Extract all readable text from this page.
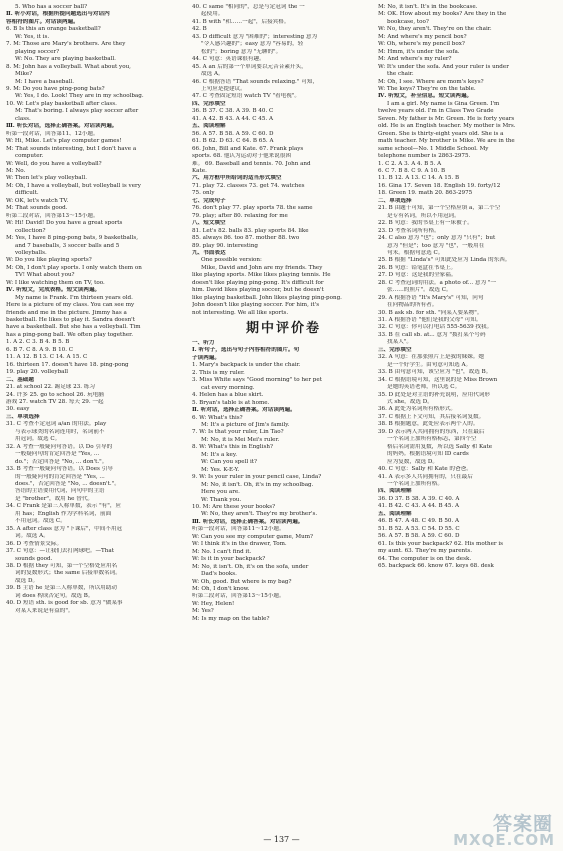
5. Who has a soccer ball?
Ⅱ. 听小对话，根据所提问题选出与对话内
容相符的图片。对话读两遍。
6. B Is this an orange basketball?
W: Yes, it is.
7. M: Those are Mary's brothers. Are they
playing soccer?
W: No. They are playing basketball.
8. M: John has a volleyball. What about you,
Mike?
M: I have a baseball.
9. M: Do you have ping-pong bats?
W: Yes, I do. Look! They are in my schoolbag.
10. W: Let's play basketball after class.
M: That's boring. I always play soccer after
class.
Ⅲ. 听长对话，选择正确答案。对话读两遍。
听第一段对话，回答第11、12小题。
W: Hi, Mike. Let's play computer games!
M: That sounds interesting, but I don't have a
computer.
W: Well, do you have a volleyball?
M: No.
W: Then let's play volleyball.
M: Oh, I have a volleyball, but volleyball is very
difficult.
W: OK, let's watch TV.
M: That sounds good.
听第二段对话，回答第13～15小题。
W: Hi! David! Do you have a great sports
collection?
M: Yes, I have 8 ping-pong bats, 9 basketballs,
and 7 baseballs, 3 soccer balls and 5
volleyballs.
W: Do you like playing sports?
M: Oh, I don't play sports. I only watch them on
TV! What about you?
W: I like watching them on TV, too.
Ⅳ. 听短文，完成表格。短文读两遍。
My name is Frank. I'm thirteen years old.
Here is a picture of my class. You can see my
friends and me in the picture. Jimmy has a
basketball. He likes to play it. Sandra doesn't
have a basketball. But she has a volleyball. Tim
has a ping-pong ball. We often play together.
1. A 2. C 3. B 4. B 5. B
6. B 7. C 8. A 9. B 10. C
11. A 12. B 13. C 14. A 15. C
16. thirteen 17. doesn't have 18. ping-pong
19. play 20. volleyball
二、基础题
21. at school 22. 踢足球 23. 练习
24. 许多 25. go to school 26. 玩电脑
游戏 27. watch TV 28. 每天 29. 一起
30. easy
三、单项选择
31. C 考查不定冠词 a/an 的用法。play
与表示球类的名词连用时，名词前不
用冠词。故选 C。
32. A 考查一般疑问句答语。以 Do 引导的
一般疑问句的肯定回答是 "Yes, ...
do."；否定回答是 "No, ... don't."。
33. B 考查一般疑问句答语。以 Does 引导
的一般疑问句的肯定回答是 "Yes, ...
does."，否定回答是 "No, ... doesn't."。
答语的主语要用代词，问句中的主语
是 "brother"，故用 he 替代。
34. C Frank 是第三人称单数，表示 "有"，应
用 has；English 作为学科名词，前面
不用冠词。故选 C。
35. A after class 意为 "下课后"，中间不用冠
词。故选 A。
36. D 考查情景交际。
37. C 句意：—让我们去打网球吧。—That
sounds good.
38. D 根据 they 可知，第一个空格处应用名
词的复数形式；the same 后接单数名词。
故选 D。
39. B 主语 he 是第三人称单数，所以用助动
词 does 构成否定句。故选 B。
40. D 短语 sth. is good for sb. 意为 "做某事
对某人来说是有益的"。
40. C same "相同的"，总是与定冠词 the 一
起使用。
41. B with "和……一起"，后接宾格。
42. B
43. D difficult 意为 "困难的"；interesting 意为
"令人感兴趣的"；easy 意为 "容易的，轻
松的"；boring 意为 "无聊的"。
44. C 句意：英语课很有趣。
45. A an 后的第一个单词要以元音音素开头，
故选 A。
46. C 根据答语 "That sounds relaxing." 可知，
上句应是提建议。
47. C 考查固定短语 watch TV "看电视"。
四、完形填空
36. B 37. C 38. A 39. B 40. C
41. A 42. B 43. A 44. C 45. A
五、阅读理解
56. A 57. B 58. A 59. C 60. D
61. B 62. D 63. C 64. B 65. A
66. John, Bill and Kate. 67. Frank plays
sports. 68. 他认为运动对于他来说很困
难。 69. Baseball and tennis. 70. John and
Kate.
六、用方框中所给词的适当形式填空
71. play 72. classes 73. get 74. watches
75. only
七、完成句子
76. don't play 77. play sports 78. the same
79. play; after 80. relaxing for me
八、短文填空
81. Let's 82. balls 83. play sports 84. like
85. always 86. too 87. mother 88. two
89. play 90. interesting
九、书面表达
One possible version:
Mike, David and John are my friends. They
like playing sports. Mike likes playing tennis. He
doesn't like playing ping-pong. It's difficult for
him. David likes playing soccer, but he doesn't
like playing basketball. John likes playing ping-pong.
John doesn't like playing soccer. For him, it's
not interesting. We all like sports.
期中评价卷
一、听力
Ⅰ. 听句子，选出与句子内容相符的图片。句
子读两遍。
1. Mary's backpack is under the chair.
2. This is my ruler.
3. Miss White says "Good morning" to her pet
cat every morning.
4. Helen has a blue skirt.
5. Bryan's table is at home.
Ⅱ. 听对话，选择正确答案。对话读两遍。
6. W: What's this?
M: It's a picture of Jim's family.
7. W: Is that your ruler, Lin Tao?
M: No, it is Mei Mei's ruler.
8. W: What's this in English?
M: It's a key.
W: Can you spell it?
M: Yes. K-E-Y.
9. W: Is your ruler in your pencil case, Linda?
M: No, it isn't. Oh, it's in my schoolbag.
Here you are.
W: Thank you.
10. M: Are these your books?
W: No, they aren't. They're my brother's.
Ⅲ. 听长对话，选择正确答案。对话读两遍。
听第一段对话，回答第11～12小题。
W: Can you see my computer game, Mum?
W: I think it's in the drawer, Tom.
M: No. I can't find it.
W: Is it in your backpack?
M: No, it isn't. Oh, it's on the sofa, under
Dad's books.
W: Oh, good. But where is my bag?
M: Oh, I don't know.
听第二段对话，回答第13～15小题。
W: Hey, Helen!
M: Yes?
M: Is my map on the table?
M: No, it isn't. It's in the bookcase.
M: OK. How about my books? Are they in the
bookcase, too?
W: No, they aren't. They're on the chair.
M: And where's my pencil box?
W: Oh, where's my pencil box?
M: Hmm, it's under the sofa.
M: And where's my ruler?
W: It's under the sofa. And your ruler is under
the chair.
M: Oh, I see. Where are mom's keys?
W: The keys? They're on the table.
Ⅳ. 听短文，补全信息。短文读两遍。
I am a girl. My name is Gina Green. I'm
twelve years old. I'm in Class Two Grade
Seven. My father is Mr. Green. He is forty years
old. He is an English teacher. My mother is Mrs.
Green. She is thirty-eight years old. She is a
math teacher. My brother is Mike. We are in the
same school—No. 1 Middle School. My
telephone number is 2863-2975.
1. C 2. A 3. A 4. B 5. A
6. C 7. B 8. C 9. A 10. B
11. B 12. A 13. C 14. A 15. B
16. Gina 17. Seven 18. English 19. forty/12
18. Green 19. math 20. 863-2975
二、单项选择
21. B 由题干可知，第一个空格应填 a，第二个空
是专有名词，所以不用冠词。
22. B 句意：我的书桌上有一床被子。
23. D 考查名词所有格。
24. C also 意为 "也"；only 意为 "只有"；but
意为 "但是"；too 意为 "也"，一般用在
句末。根据句意选 C。
25. B 根据 "Linda's" 可知此处应为 Linda 的东西。
26. B 句意：铅笔盒在书桌上。
27. D 句意：这是我的全家福。
28. C 考查冠词的用法。a photo of... 意为 "一
张……的照片"。故选 C。
29. A 根据答语 "It's Mary's" 可知，问句
在问物品的所有者。
30. B ask sb. for sth. "向某人要某物"。
31. A 根据答语 "他们是我的父母" 可知。
32. C 句意：你可以打电话 555-5639 找我。
33. B 在 call sb. at... 意为 "拨打某个号码
找某人"。
三、完形填空
32. A 句意：在那张照片上是我的妹妹。她
是一个好学生。由句意可知选 A。
33. B 由句意可知，该空应为 "也"，故选 B。
34. C 根据语境可知，这里说的是 Miss Brown
是她的英语老师，所以选 C。
35. D 此处是对主语的补充说明，应用代词形
式 she，故选 D。
36. A 此处为名词所有格形式。
37. C 根据上下文可知，其后接名词复数。
38. B 根据题意，此处应表示两个人的。
39. D 表示两人共同拥有的东西，只在最后
一个名词上加所有格标志，第四个空
格后名词需用复数，所以选 Sally 和 Kate
的妈妈。根据语境可知 ID cards
应为复数，故选 D。
40. C 句意：Sally 和 Kate 的爸爸。
41. A 表示多人共同拥有的，只在最后
一个名词上加所有格。
四、阅读理解
36. D 37. B 38. A 39. C 40. A
41. B 42. C 43. A 44. B 45. A
五、阅读理解
46. B 47. A 48. C 49. B 50. A
51. B 52. A 53. C 54. D 55. C
56. A 57. B 58. A 59. C 60. D
61. Is this your backpack? 62. His mother is
my aunt. 63. They're my parents.
64. The computer is on the desk.
65. backpack 66. know 67. keys 68. desk
— 137 —
答案圈
MXQE.COM
